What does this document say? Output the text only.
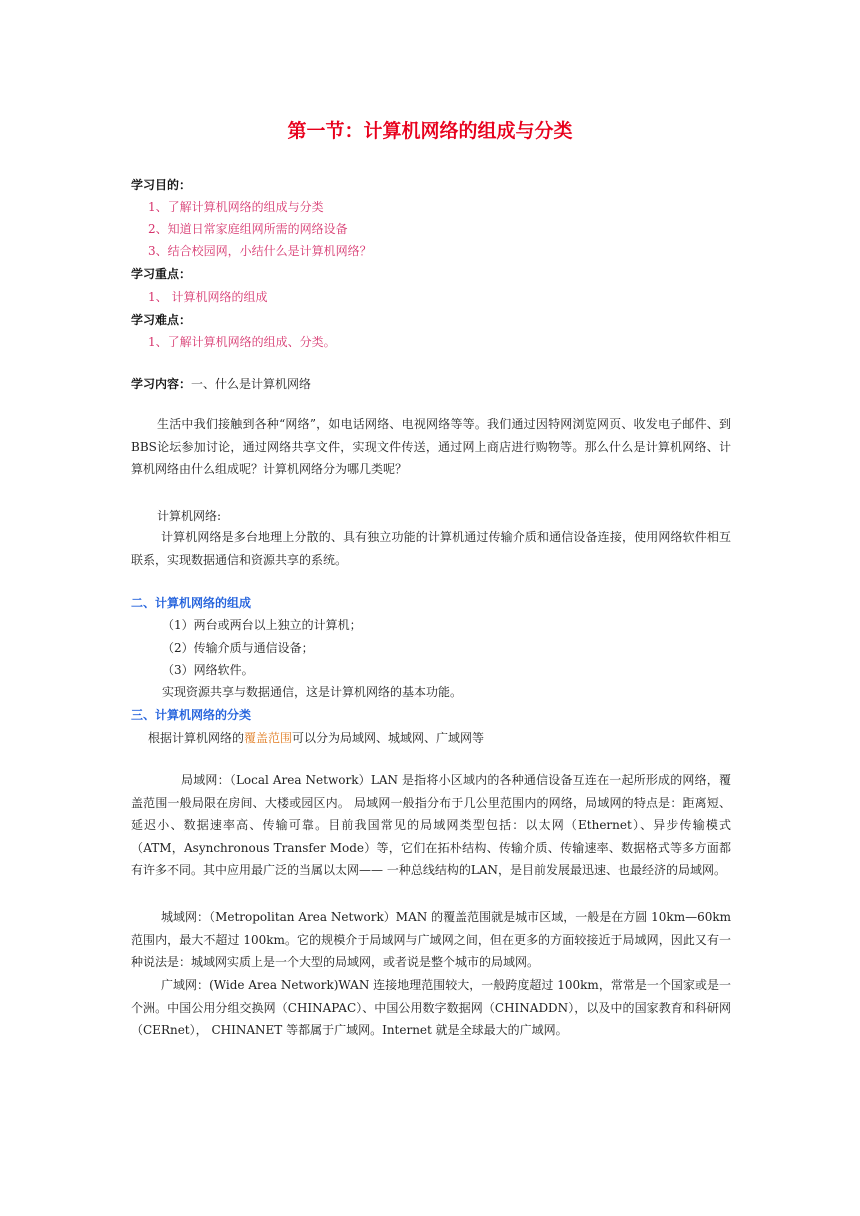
第一节：计算机网络的组成与分类
学习目的：
1、了解计算机网络的组成与分类
2、知道日常家庭组网所需的网络设备
3、结合校园网，小结什么是计算机网络？
学习重点：
1、 计算机网络的组成
学习难点：
1、了解计算机网络的组成、分类。
学习内容：一、什么是计算机网络
生活中我们接触到各种“网络”，如电话网络、电视网络等等。我们通过因特网浏览网页、收发电子邮件、到BBS论坛参加讨论，通过网络共享文件，实现文件传送，通过网上商店进行购物等。那么什么是计算机网络、计算机网络由什么组成呢？计算机网络分为哪几类呢？
计算机网络:
计算机网络是多台地理上分散的、具有独立功能的计算机通过传输介质和通信设备连接，使用网络软件相互联系，实现数据通信和资源共享的系统。
二、计算机网络的组成
（1）两台或两台以上独立的计算机；
（2）传输介质与通信设备；
（3）网络软件。
实现资源共享与数据通信，这是计算机网络的基本功能。
三、计算机网络的分类
根据计算机网络的覆盖范围可以分为局域网、城域网、广域网等
局域网：（Local Area Network）LAN 是指将小区域内的各种通信设备互连在一起所形成的网络，覆盖范围一般局限在房间、大楼或园区内。 局域网一般指分布于几公里范围内的网络，局域网的特点是：距离短、延迟小、数据速率高、传输可靠。目前我国常见的局域网类型包括：以太网（Ethernet）、异步传输模式（ATM，Asynchronous Transfer Mode）等，它们在拓朴结构、传输介质、传输速率、数据格式等多方面都有许多不同。其中应用最广泛的当属以太网—— 一种总线结构的LAN，是目前发展最迅速、也最经济的局域网。
城域网：（Metropolitan Area Network）MAN 的覆盖范围就是城市区域，一般是在方圆 10km—60km 范围内，最大不超过 100km。它的规模介于局域网与广域网之间，但在更多的方面较接近于局域网，因此又有一种说法是：城域网实质上是一个大型的局域网，或者说是整个城市的局域网。
广域网：(Wide Area Network)WAN 连接地理范围较大，一般跨度超过 100km，常常是一个国家或是一个洲。中国公用分组交换网（CHINAPAC）、中国公用数字数据网（CHINADDN），以及中的国家教育和科研网（CERnet）， CHINANET 等都属于广域网。Internet 就是全球最大的广域网。
